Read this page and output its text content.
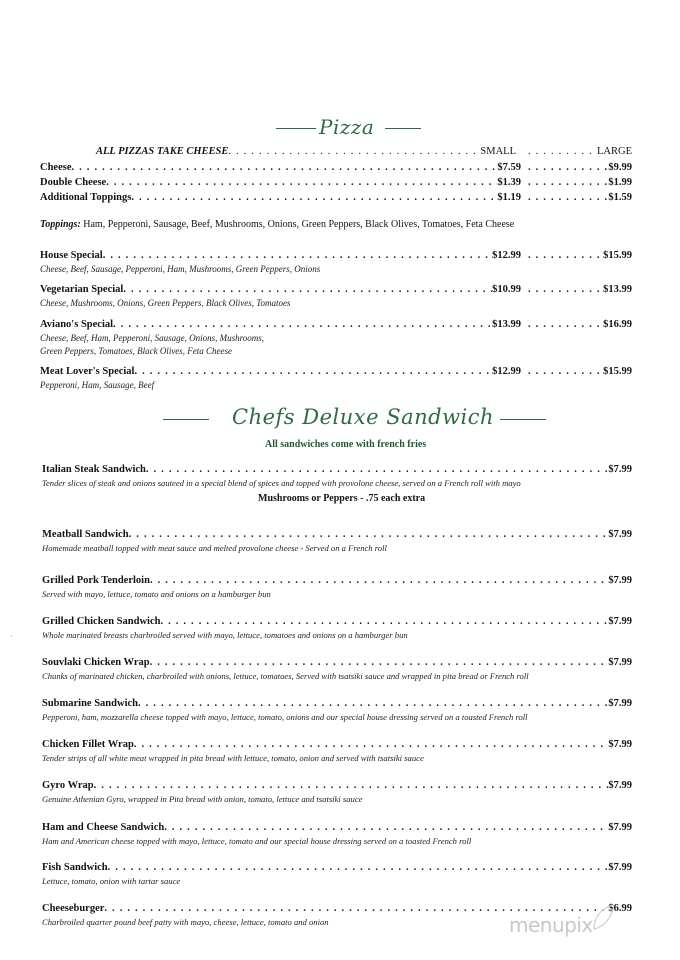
Pizza
ALL PIZZAS TAKE CHEESE . . .	SMALL . . .	LARGE
Cheese . . .	$7.59 . . .	$9.99
Double Cheese . . .	$1.39 . . .	$1.99
Additional Toppings . . .	$1.19 . . .	$1.59
Toppings: Ham, Pepperoni, Sausage, Beef, Mushrooms, Onions, Green Peppers, Black Olives, Tomatoes, Feta Cheese
House Special . . .	$12.99 . . .	$15.99
Cheese, Beef, Sausage, Pepperoni, Ham, Mushrooms, Green Peppers, Onions
Vegetarian Special . . .	$10.99 . . .	$13.99
Cheese, Mushrooms, Onions, Green Peppers, Black Olives, Tomatoes
Aviano's Special . . .	$13.99 . . .	$16.99
Cheese, Beef, Ham, Pepperoni, Sausage, Onions, Mushrooms,
Green Peppers, Tomatoes, Black Olives, Feta Cheese
Meat Lover's Special . . .	$12.99 . . .	$15.99
Pepperoni, Ham, Sausage, Beef
Chefs Deluxe Sandwich
All sandwiches come with french fries
Italian Steak Sandwich . . .	$7.99
Tender slices of steak and onions sauteed in a special blend of spices and topped with provolone cheese, served on a French roll with mayo
Meatball Sandwich . . .	$7.99
Homemade meatball topped with meat sauce and melted provolone cheese - Served on a French roll
Grilled Pork Tenderloin . . .	$7.99
Served with mayo, lettuce, tomato and onions on a hamburger bun
Grilled Chicken Sandwich . . .	$7.99
Whole marinated breasts charbroiled served with mayo, lettuce, tomatoes and onions on a hamburger bun
Souvlaki Chicken Wrap . . .	$7.99
Chunks of marinated chicken, charbroiled with onions, lettuce, tomatoes, Served with tsatsiki sauce and wrapped in pita bread or French roll
Submarine Sandwich . . .	$7.99
Pepperoni, ham, mozzarella cheese topped with mayo, lettuce, tomato, onions and our special house dressing served on a toasted French roll
Chicken Fillet Wrap . . .	$7.99
Tender strips of all white meat wrapped in pita bread with lettuce, tomato, onion and served with tsatsiki sauce
Gyro Wrap . . .	$7.99
Genuine Athenian Gyro, wrapped in Pita bread with onion, tomato, lettuce and tsatsiki sauce
Ham and Cheese Sandwich . . .	$7.99
Ham and American cheese topped with mayo, lettuce, tomato and our special house dressing served on a toasted French roll
Fish Sandwich . . .	$7.99
Lettuce, tomato, onion with tartar sauce
Cheeseburger . . .	$6.99
Charbroiled quarter pound beef patty with mayo, cheese, lettuce, tomato and onion
Mushrooms or Peppers - .75 each extra
·
menupix
